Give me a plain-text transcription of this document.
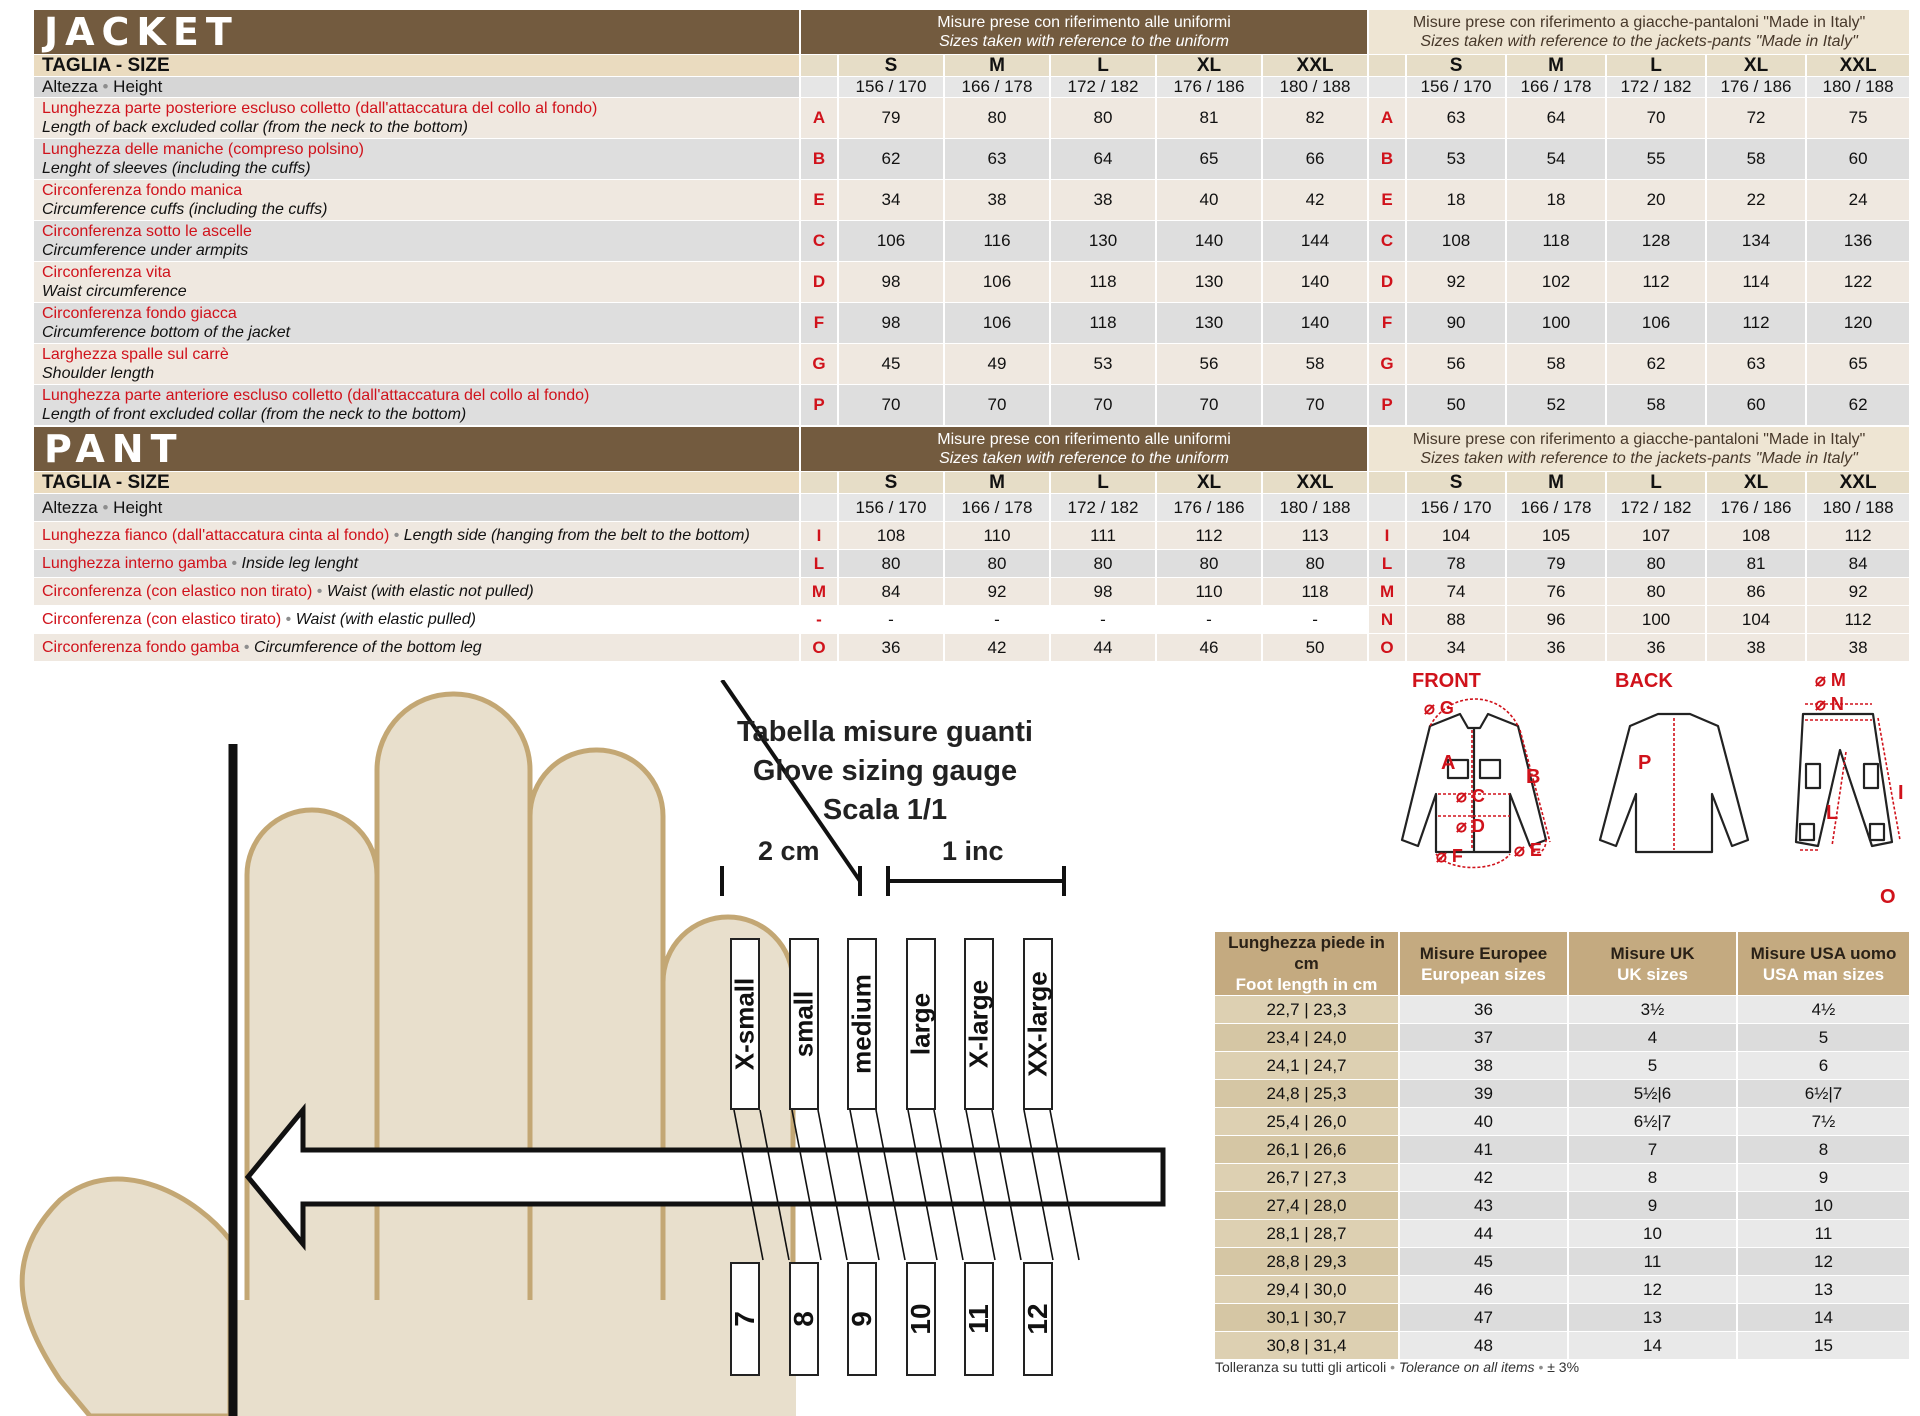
JACKET	Misure prese con riferimento alle uniformi
Sizes taken with reference to the uniform						Misure prese con riferimento a giacche-pantaloni "Made in Italy"
Sizes taken with reference to the jackets-pants "Made in Italy"					

TAGLIA - SIZE		S	M	L	XL	XXL		S	M	L	XL	XXL
Altezza • Height		156 / 170	166 / 178	172 / 182	176 / 186	180 / 188		156 / 170	166 / 178	172 / 182	176 / 186	180 / 188

Lunghezza parte posteriore escluso colletto (dall'attaccatura del collo al fondo)
Length of back excluded collar (from the neck to the bottom)	A	79	80	80	81	82	A	63	64	70	72	75

Lunghezza delle maniche (compreso polsino)
Lenght of sleeves (including the cuffs)	B	62	63	64	65	66	B	53	54	55	58	60

Circonferenza fondo manica
Circumference cuffs (including the cuffs)	E	34	38	38	40	42	E	18	18	20	22	24

Circonferenza sotto le ascelle
Circumference under armpits	C	106	116	130	140	144	C	108	118	128	134	136

Circonferenza vita
Waist circumference	D	98	106	118	130	140	D	92	102	112	114	122

Circonferenza fondo giacca
Circumference bottom of the jacket	F	98	106	118	130	140	F	90	100	106	112	120

Larghezza spalle sul carrè
Shoulder length	G	45	49	53	56	58	G	56	58	62	63	65

Lunghezza parte anteriore escluso colletto (dall'attaccatura del collo al fondo)
Length of front excluded collar (from the neck to the bottom)	P	70	70	70	70	70	P	50	52	58	60	62
PANT	Misure prese con riferimento alle uniformi
Sizes taken with reference to the uniform						Misure prese con riferimento a giacche-pantaloni "Made in Italy"
Sizes taken with reference to the jackets-pants "Made in Italy"					

TAGLIA - SIZE		S	M	L	XL	XXL		S	M	L	XL	XXL
Altezza • Height		156 / 170	166 / 178	172 / 182	176 / 186	180 / 188		156 / 170	166 / 178	172 / 182	176 / 186	180 / 188
Lunghezza fianco (dall'attaccatura cinta al fondo) • Length side (hanging from the belt to the bottom)	I	108	110	111	112	113	I	104	105	107	108	112
Lunghezza interno gamba • Inside leg lenght	L	80	80	80	80	80	L	78	79	80	81	84
Circonferenza (con elastico non tirato) • Waist (with elastic not pulled)	M	84	92	98	110	118	M	74	76	80	86	92
Circonferenza (con elastico tirato) • Waist (with elastic pulled)	-	-	-	-	-	-	N	88	96	100	104	112
Circonferenza fondo gamba • Circumference of the bottom leg	O	36	42	44	46	50	O	34	36	36	38	38
Tabella misure guanti
Glove sizing gauge
Scala 1/1
2 cm	1 inc
X-small
7
small
8
medium
9
large
10
X-large
11
XX-large
12
FRONT	BACK
⌀ G
A
B
⌀ C
⌀ D
⌀ E
⌀ F
P
⌀ M
⌀ N
I
L
O
Lunghezza piede in cm
Foot length in cm	Misure Europee
European sizes	Misure UK
UK sizes	Misure USA uomo
USA man sizes

22,7 | 23,3	36	3½	4½
23,4 | 24,0	37	4	5
24,1 | 24,7	38	5	6
24,8 | 25,3	39	5½|6	6½|7
25,4 | 26,0	40	6½|7	7½
26,1 | 26,6	41	7	8
26,7 | 27,3	42	8	9
27,4 | 28,0	43	9	10
28,1 | 28,7	44	10	11
28,8 | 29,3	45	11	12
29,4 | 30,0	46	12	13
30,1 | 30,7	47	13	14
30,8 | 31,4	48	14	15
Tolleranza su tutti gli articoli • Tolerance on all items • ± 3%
